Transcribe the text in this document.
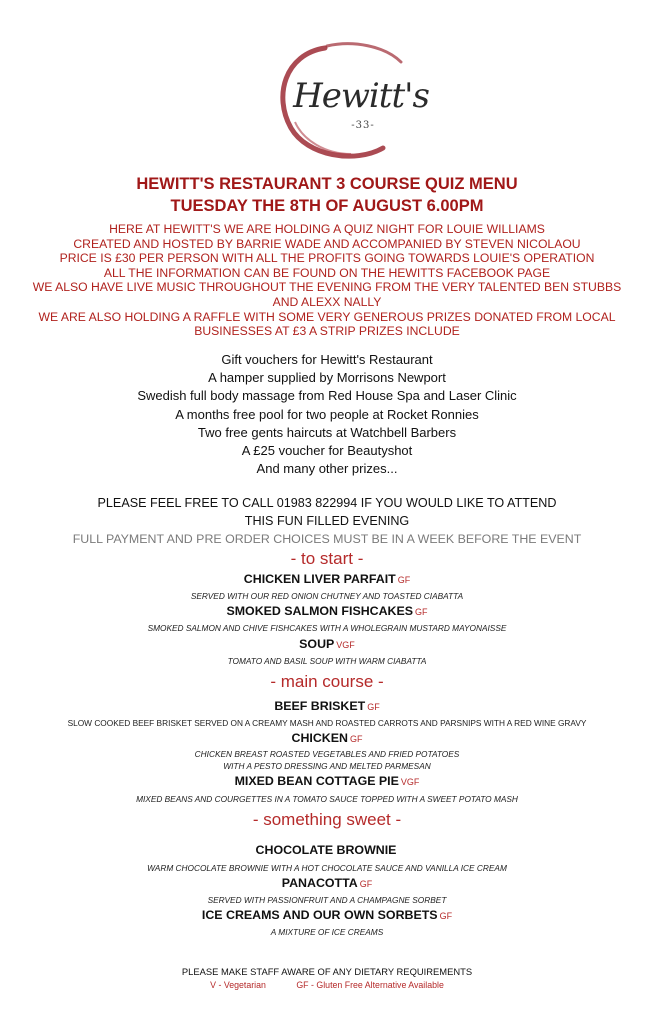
Hewitt's
-33-
HEWITT'S RESTAURANT 3 COURSE QUIZ MENU
TUESDAY THE 8TH OF AUGUST 6.00PM
HERE AT HEWITT'S WE ARE HOLDING A QUIZ NIGHT FOR LOUIE WILLIAMS
CREATED AND HOSTED BY BARRIE WADE AND ACCOMPANIED BY STEVEN NICOLAOU
PRICE IS £30 PER PERSON WITH ALL THE PROFITS GOING TOWARDS LOUIE'S OPERATION
ALL THE INFORMATION CAN BE FOUND ON THE HEWITTS FACEBOOK PAGE
WE ALSO HAVE LIVE MUSIC THROUGHOUT THE EVENING FROM THE VERY TALENTED BEN STUBBS
AND ALEXX NALLY
WE ARE ALSO HOLDING A RAFFLE WITH SOME VERY GENEROUS PRIZES DONATED FROM LOCAL
BUSINESSES AT £3 A STRIP PRIZES INCLUDE
Gift vouchers for Hewitt's Restaurant
A hamper supplied by Morrisons Newport
Swedish full body massage from Red House Spa and Laser Clinic
A months free pool for two people at Rocket Ronnies
Two free gents haircuts at Watchbell Barbers
A £25 voucher for Beautyshot
And many other prizes...
PLEASE FEEL FREE TO CALL 01983 822994 IF YOU WOULD LIKE TO ATTEND
THIS FUN FILLED EVENING
FULL PAYMENT AND PRE ORDER CHOICES MUST BE IN A WEEK BEFORE THE EVENT
- to start -
CHICKEN LIVER PARFAIT GF
SERVED WITH OUR RED ONION CHUTNEY AND TOASTED CIABATTA
SMOKED SALMON FISHCAKES GF
SMOKED SALMON AND CHIVE FISHCAKES WITH A WHOLEGRAIN MUSTARD MAYONAISSE
SOUP VGF
TOMATO AND BASIL SOUP WITH WARM CIABATTA
- main course -
BEEF BRISKET GF
SLOW COOKED BEEF BRISKET SERVED ON A CREAMY MASH AND ROASTED CARROTS AND PARSNIPS WITH A RED WINE GRAVY
CHICKEN GF
CHICKEN BREAST ROASTED VEGETABLES AND FRIED POTATOES
WITH A PESTO DRESSING AND MELTED PARMESAN
MIXED BEAN COTTAGE PIE VGF
MIXED BEANS AND COURGETTES IN A TOMATO SAUCE TOPPED WITH A SWEET POTATO MASH
- something sweet -
CHOCOLATE BROWNIE
WARM CHOCOLATE BROWNIE WITH A HOT CHOCOLATE SAUCE AND VANILLA ICE CREAM
PANACOTTA GF
SERVED WITH PASSIONFRUIT AND A CHAMPAGNE SORBET
ICE CREAMS AND OUR OWN SORBETS GF
A MIXTURE OF ICE CREAMS
PLEASE MAKE STAFF AWARE OF ANY DIETARY REQUIREMENTS
V - Vegetarian	GF - Gluten Free Alternative Available
